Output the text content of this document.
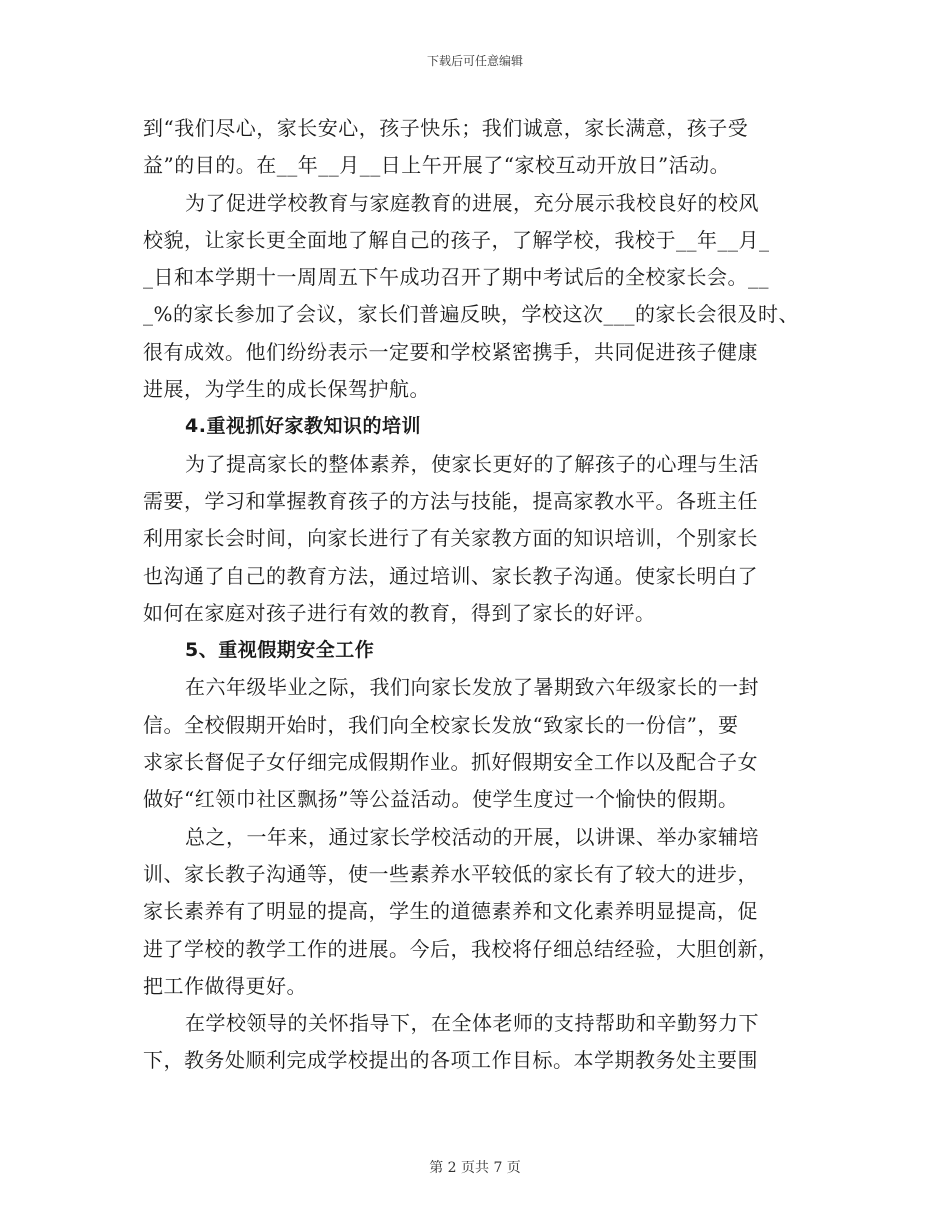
下载后可任意编辑
到“我们尽心，家长安心，孩子快乐；我们诚意，家长满意，孩子受
益”的目的。在__年__月__日上午开展了“家校互动开放日”活动。
为了促进学校教育与家庭教育的进展，充分展示我校良好的校风
校貌，让家长更全面地了解自己的孩子，了解学校，我校于__年__月_
_日和本学期十一周周五下午成功召开了期中考试后的全校家长会。__
_%的家长参加了会议，家长们普遍反映，学校这次___的家长会很及时、
很有成效。他们纷纷表示一定要和学校紧密携手，共同促进孩子健康
进展，为学生的成长保驾护航。
4.重视抓好家教知识的培训
为了提高家长的整体素养，使家长更好的了解孩子的心理与生活
需要，学习和掌握教育孩子的方法与技能，提高家教水平。各班主任
利用家长会时间，向家长进行了有关家教方面的知识培训，个别家长
也沟通了自己的教育方法，通过培训、家长教子沟通。使家长明白了
如何在家庭对孩子进行有效的教育，得到了家长的好评。
5、重视假期安全工作
在六年级毕业之际，我们向家长发放了暑期致六年级家长的一封
信。全校假期开始时，我们向全校家长发放“致家长的一份信”，要
求家长督促子女仔细完成假期作业。抓好假期安全工作以及配合子女
做好“红领巾社区飘扬”等公益活动。使学生度过一个愉快的假期。
总之，一年来，通过家长学校活动的开展，以讲课、举办家辅培
训、家长教子沟通等，使一些素养水平较低的家长有了较大的进步，
家长素养有了明显的提高，学生的道德素养和文化素养明显提高，促
进了学校的教学工作的进展。今后，我校将仔细总结经验，大胆创新，
把工作做得更好。
在学校领导的关怀指导下，在全体老师的支持帮助和辛勤努力下
下，教务处顺利完成学校提出的各项工作目标。本学期教务处主要围
第 2 页共 7 页
